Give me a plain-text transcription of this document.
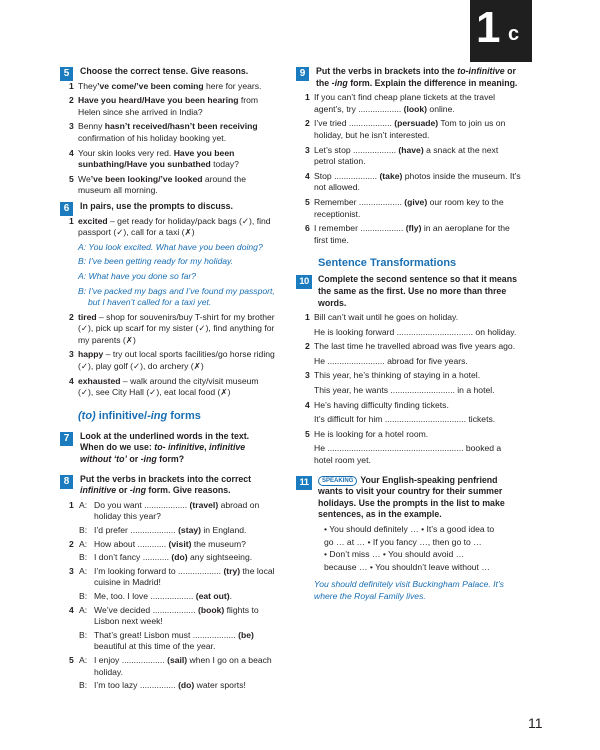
1 c
5	Choose the correct tense. Give reasons.
1 They’ve come/’ve been coming here for years.
2 Have you heard/Have you been hearing from Helen since she arrived in India?
3 Benny hasn’t received/hasn’t been receiving confirmation of his holiday booking yet.
4 Your skin looks very red. Have you been sunbathing/Have you sunbathed today?
5 We’ve been looking/’ve looked around the museum all morning.
6	In pairs, use the prompts to discuss.
1 excited – get ready for holiday/pack bags (✓), find passport (✓), call for a taxi (✗)
A: You look excited. What have you been doing?
B: I’ve been getting ready for my holiday.
A: What have you done so far?
B: I’ve packed my bags and I’ve found my passport, but I haven’t called for a taxi yet.
2 tired – shop for souvenirs/buy T-shirt for my brother (✓), pick up scarf for my sister (✓), find anything for my parents (✗)
3 happy – try out local sports facilities/go horse riding (✓), play golf (✓), do archery (✗)
4 exhausted – walk around the city/visit museum (✓), see City Hall (✓), eat local food (✗)
(to) infinitive/-ing forms
7	Look at the underlined words in the text. When do we use: to- infinitive, infinitive without ‘to’ or -ing form?
8	Put the verbs in brackets into the correct infinitive or -ing form. Give reasons.
1 A: Do you want .................. (travel) abroad on holiday this year?
B: I’d prefer ................... (stay) in England.
2 A: How about ............ (visit) the museum?
B: I don’t fancy ........... (do) any sightseeing.
3 A: I’m looking forward to .................. (try) the local cuisine in Madrid!
B: Me, too. I love .................. (eat out).
4 A: We’ve decided .................. (book) flights to Lisbon next week!
B: That’s great! Lisbon must .................. (be) beautiful at this time of the year.
5 A: I enjoy .................. (sail) when I go on a beach holiday.
B: I’m too lazy ............... (do) water sports!
9	Put the verbs in brackets into the to-infinitive or the -ing form. Explain the difference in meaning.
1 If you can’t find cheap plane tickets at the travel agent’s, try .................. (look) online.
2 I’ve tried .................. (persuade) Tom to join us on holiday, but he isn’t interested.
3 Let’s stop .................. (have) a snack at the next petrol station.
4 Stop .................. (take) photos inside the museum. It’s not allowed.
5 Remember .................. (give) our room key to the receptionist.
6 I remember .................. (fly) in an aeroplane for the first time.
Sentence Transformations
10	Complete the second sentence so that it means the same as the first. Use no more than three words.
1 Bill can’t wait until he goes on holiday.
He is looking forward ................................ on holiday.
2 The last time he travelled abroad was five years ago.
He ........................ abroad for five years.
3 This year, he’s thinking of staying in a hotel.
This year, he wants ........................... in a hotel.
4 He’s having difficulty finding tickets.
It’s difficult for him .................................. tickets.
5 He is looking for a hotel room.
He ......................................................... booked a hotel room yet.
11	SPEAKING Your English-speaking penfriend wants to visit your country for their summer holidays. Use the prompts in the list to make sentences, as in the example.
• You should definitely … • It’s a good idea to
go … at … • If you fancy …, then go to …
• Don’t miss … • You should avoid …
because … • You shouldn’t leave without …
You should definitely visit Buckingham Palace. It’s where the Royal Family lives.
11
